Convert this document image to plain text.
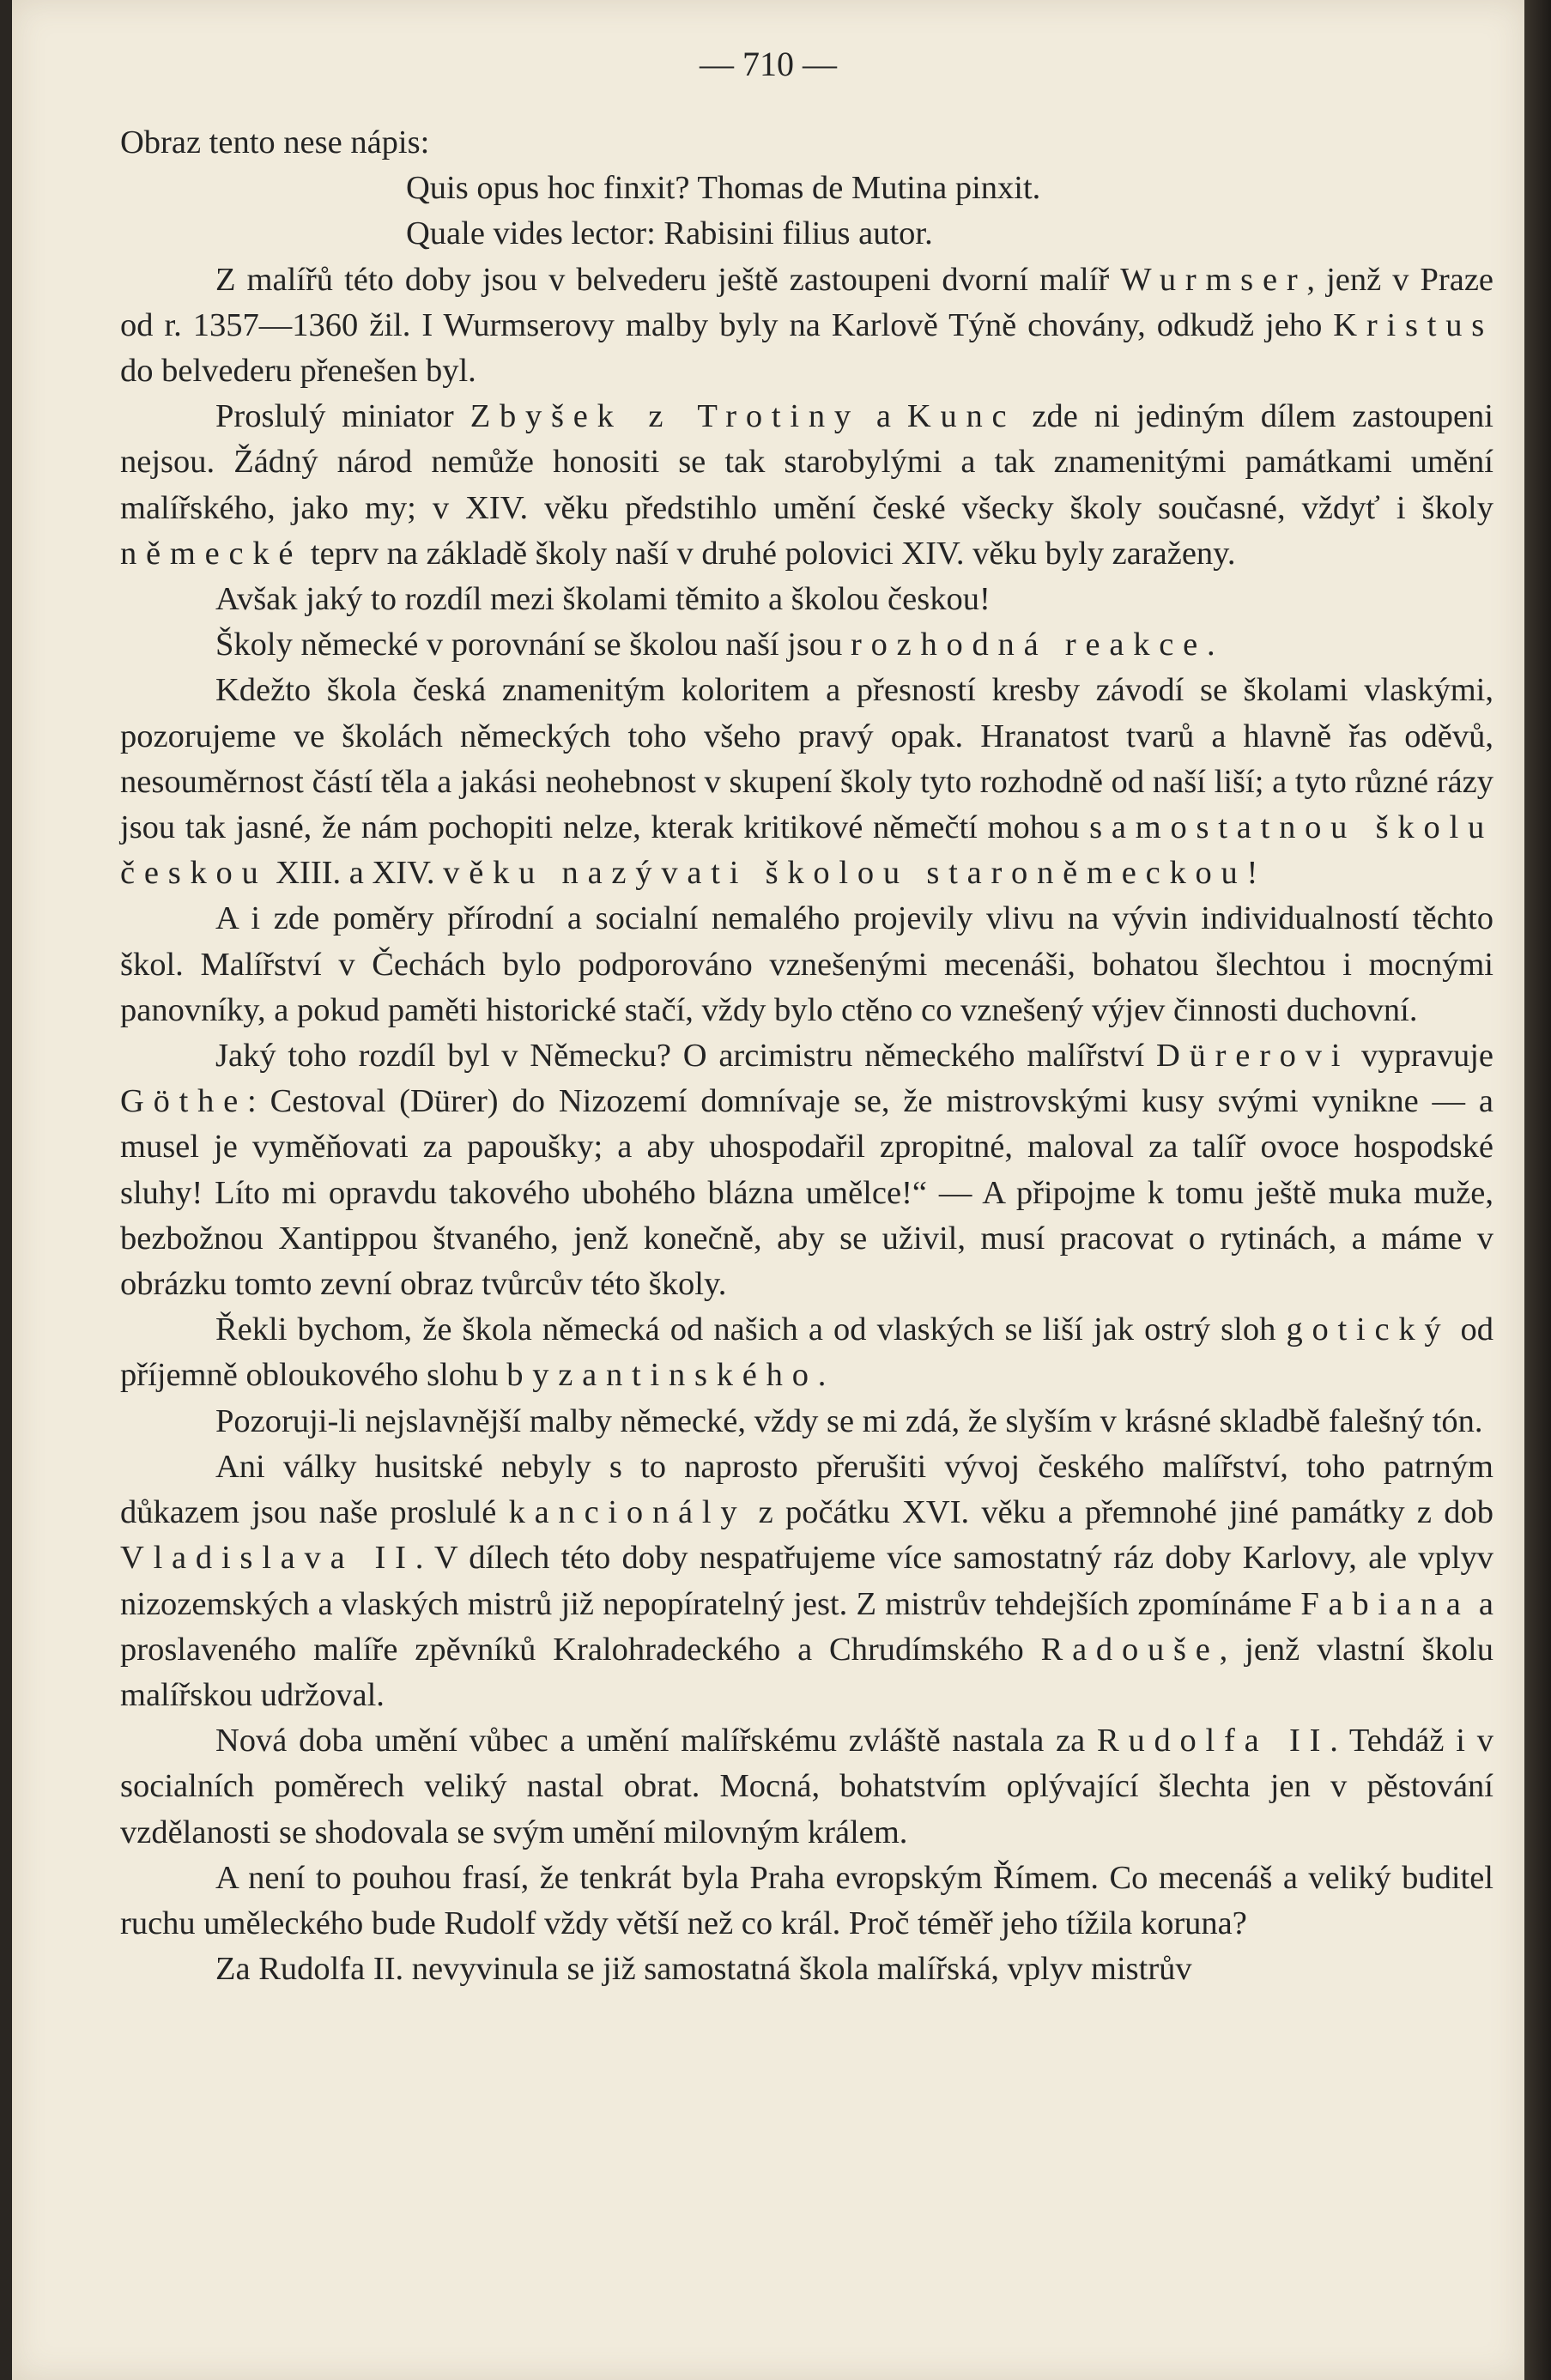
— 710 —

Obraz tento nese nápis:

Quis opus hoc finxit? Thomas de Mutina pinxit.

Quale vides lector: Rabisini filius autor.

Z malířů této doby jsou v belvederu ještě zastoupeni dvorní malíř Wurmser, jenž v Praze od r. 1357—1360 žil. I Wurmserovy malby byly na Karlově Týně chovány, odkudž jeho Kristus do belvederu přenešen byl.

Proslulý miniator Zbyšek z Trotiny a Kunc zde ni jediným dílem zastoupeni nejsou. Žádný národ nemůže honositi se tak starobylými a tak znamenitými památkami umění malířského, jako my; v XIV. věku předstihlo umění české všecky školy současné, vždyť i školy německé teprv na základě školy naší v druhé polovici XIV. věku byly zaraženy.

Avšak jaký to rozdíl mezi školami těmito a školou českou!

Školy německé v porovnání se školou naší jsou rozhodná reakce.

Kdežto škola česká znamenitým koloritem a přesností kresby závodí se školami vlaskými, pozorujeme ve školách německých toho všeho pravý opak. Hranatost tvarů a hlavně řas oděvů, nesouměrnost částí těla a jakási neohebnost v skupení školy tyto rozhodně od naší liší; a tyto různé rázy jsou tak jasné, že nám pochopiti nelze, kterak kritikové němečtí mohou samostatnou školu českou XIII. a XIV. věku nazývati školou staroněmeckou!

A i zde poměry přírodní a socialní nemalého projevily vlivu na vývin individualností těchto škol. Malířství v Čechách bylo podporováno vznešenými mecenáši, bohatou šlechtou i mocnými panovníky, a pokud paměti historické stačí, vždy bylo ctěno co vznešený výjev činnosti duchovní.

Jaký toho rozdíl byl v Německu? O arcimistru německého malířství Dürerovi vypravuje Göthe: Cestoval (Dürer) do Nizozemí domnívaje se, že mistrovskými kusy svými vynikne — a musel je vyměňovati za papoušky; a aby uhospodařil zpropitné, maloval za talíř ovoce hospodské sluhy! Líto mi opravdu takového ubohého blázna umělce!“ — A připojme k tomu ještě muka muže, bezbožnou Xantippou štvaného, jenž konečně, aby se uživil, musí pracovat o rytinách, a máme v obrázku tomto zevní obraz tvůrcův této školy.

Řekli bychom, že škola německá od našich a od vlaských se liší jak ostrý sloh gotický od příjemně obloukového slohu byzantinského.

Pozoruji-li nejslavnější malby německé, vždy se mi zdá, že slyším v krásné skladbě falešný tón.

Ani války husitské nebyly s to naprosto přerušiti vývoj českého malířství, toho patrným důkazem jsou naše proslulé kancionály z počátku XVI. věku a přemnohé jiné památky z dob Vladislava II. V dílech této doby nespatřujeme více samostatný ráz doby Karlovy, ale vplyv nizozemských a vlaských mistrů již nepopíratelný jest. Z mistrův tehdejších zpomínáme Fabiana a proslaveného malíře zpěvníků Kralohradeckého a Chrudímského Radouše, jenž vlastní školu malířskou udržoval.

Nová doba umění vůbec a umění malířskému zvláště nastala za Rudolfa II. Tehdáž i v socialních poměrech veliký nastal obrat. Mocná, bohatstvím oplývající šlechta jen v pěstování vzdělanosti se shodovala se svým umění milovným králem.

A není to pouhou frasí, že tenkrát byla Praha evropským Římem. Co mecenáš a veliký buditel ruchu uměleckého bude Rudolf vždy větší než co král. Proč téměř jeho tížila koruna?

Za Rudolfa II. nevyvinula se již samostatná škola malířská, vplyv mistrův
